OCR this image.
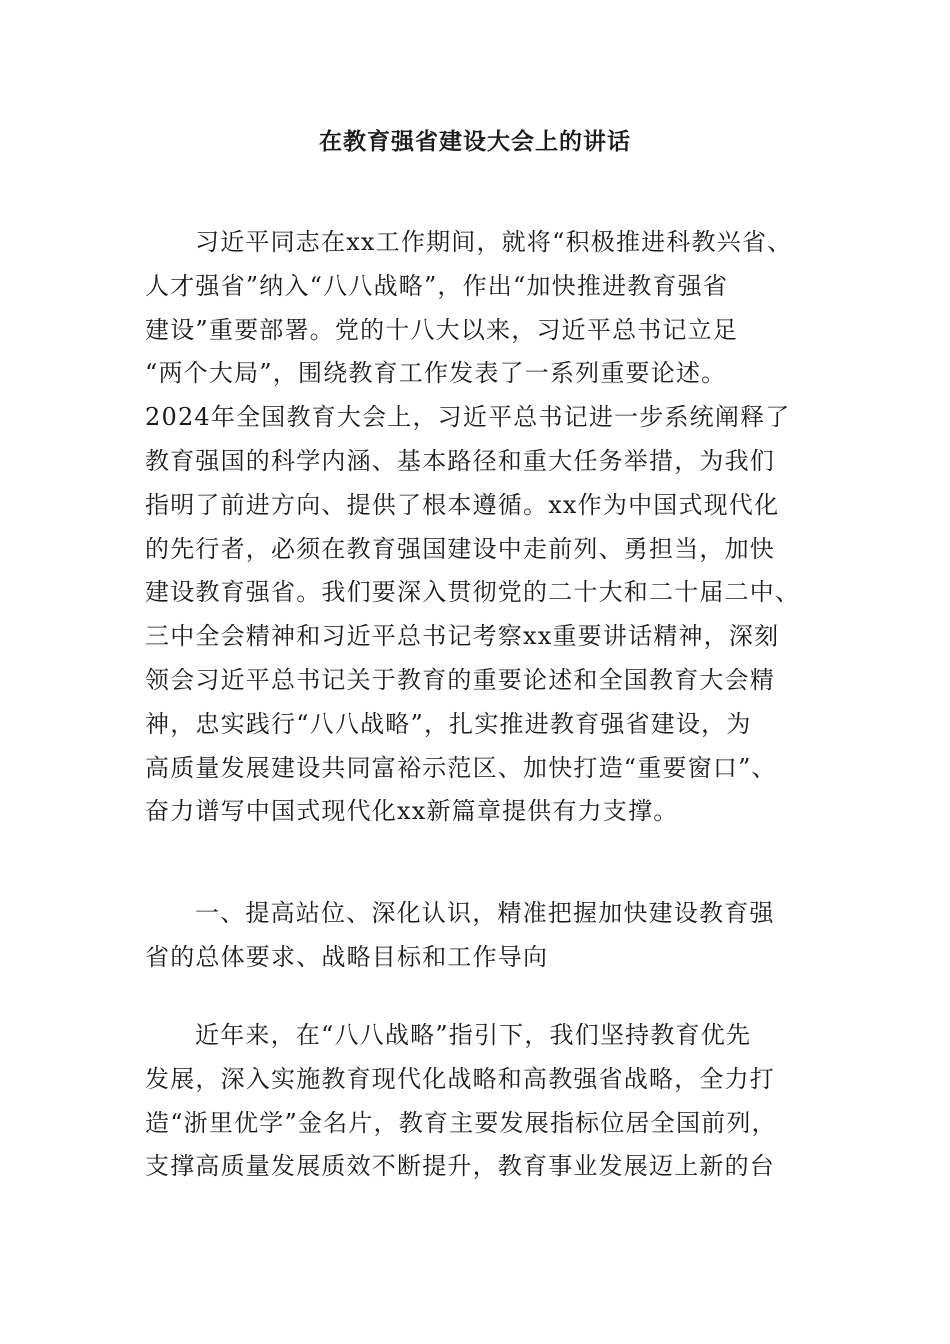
在教育强省建设大会上的讲话

习近平同志在xx工作期间，就将“积极推进科教兴省、
人才强省”纳入“八八战略”，作出“加快推进教育强省
建设”重要部署。党的十八大以来，习近平总书记立足
“两个大局”，围绕教育工作发表了一系列重要论述。
2024年全国教育大会上，习近平总书记进一步系统阐释了
教育强国的科学内涵、基本路径和重大任务举措，为我们
指明了前进方向、提供了根本遵循。xx作为中国式现代化
的先行者，必须在教育强国建设中走前列、勇担当，加快
建设教育强省。我们要深入贯彻党的二十大和二十届二中、
三中全会精神和习近平总书记考察xx重要讲话精神，深刻
领会习近平总书记关于教育的重要论述和全国教育大会精
神，忠实践行“八八战略”，扎实推进教育强省建设，为
高质量发展建设共同富裕示范区、加快打造“重要窗口”、
奋力谱写中国式现代化xx新篇章提供有力支撑。

一、提高站位、深化认识，精准把握加快建设教育强
省的总体要求、战略目标和工作导向

近年来，在“八八战略”指引下，我们坚持教育优先
发展，深入实施教育现代化战略和高教强省战略，全力打
造“浙里优学”金名片，教育主要发展指标位居全国前列，
支撑高质量发展质效不断提升，教育事业发展迈上新的台
